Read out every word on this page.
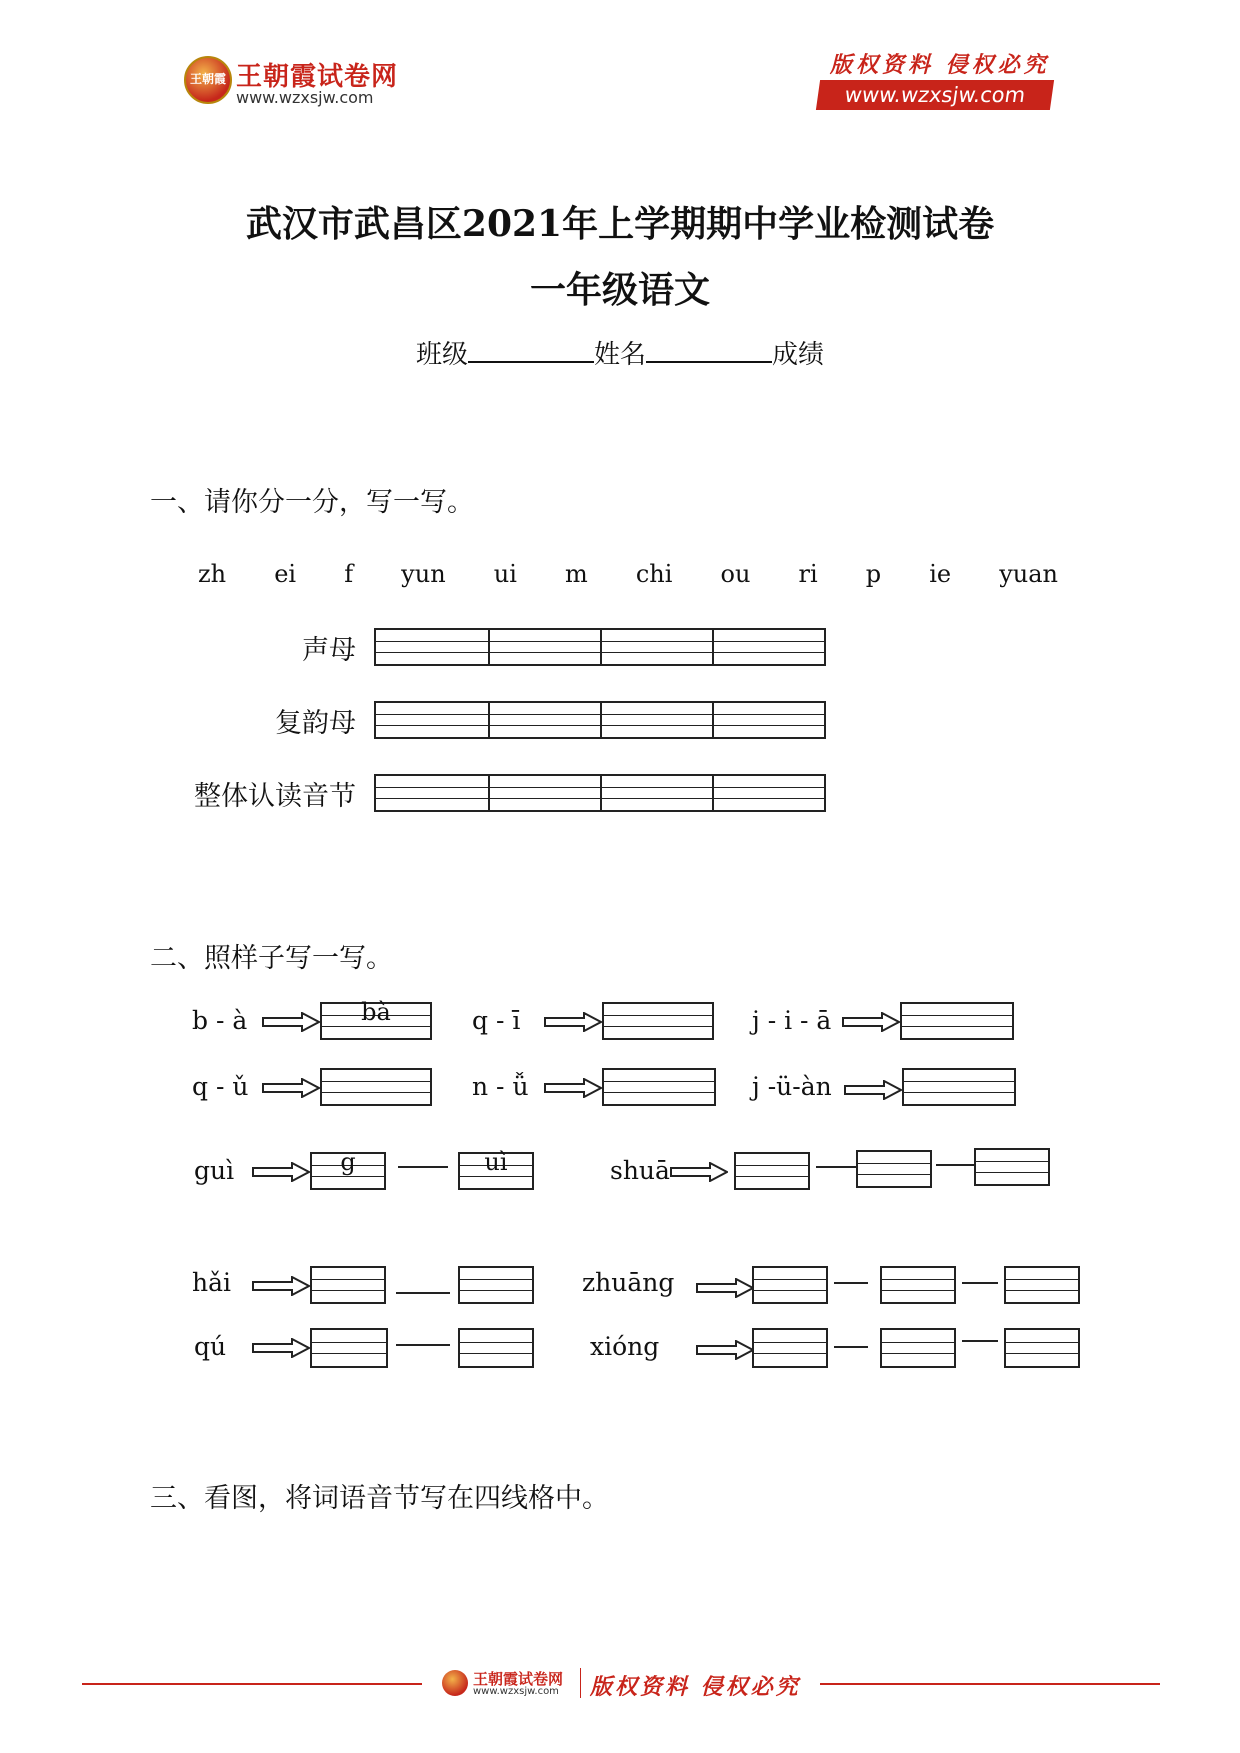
王朝霞 王朝霞试卷网
www.wzxsjw.com
版权资料 侵权必究
www.wzxsjw.com
武汉市武昌区2021年上学期期中学业检测试卷
一年级语文
班级	姓名	成绩
一、请你分一分，写一写。
zh ei f yun ui m chi ou ri p ie yuan
声母
复韵母
整体认读音节
二、照样子写一写。
b - à	bà	q - ī	j - i - ā
q - ǔ	n - ǚ	j -ü-àn
guì	g	uì	shuā
hǎi	zhuāng
qú	xióng
三、看图，将词语音节写在四线格中。
王朝霞试卷网
www.wzxsjw.com 版权资料 侵权必究
